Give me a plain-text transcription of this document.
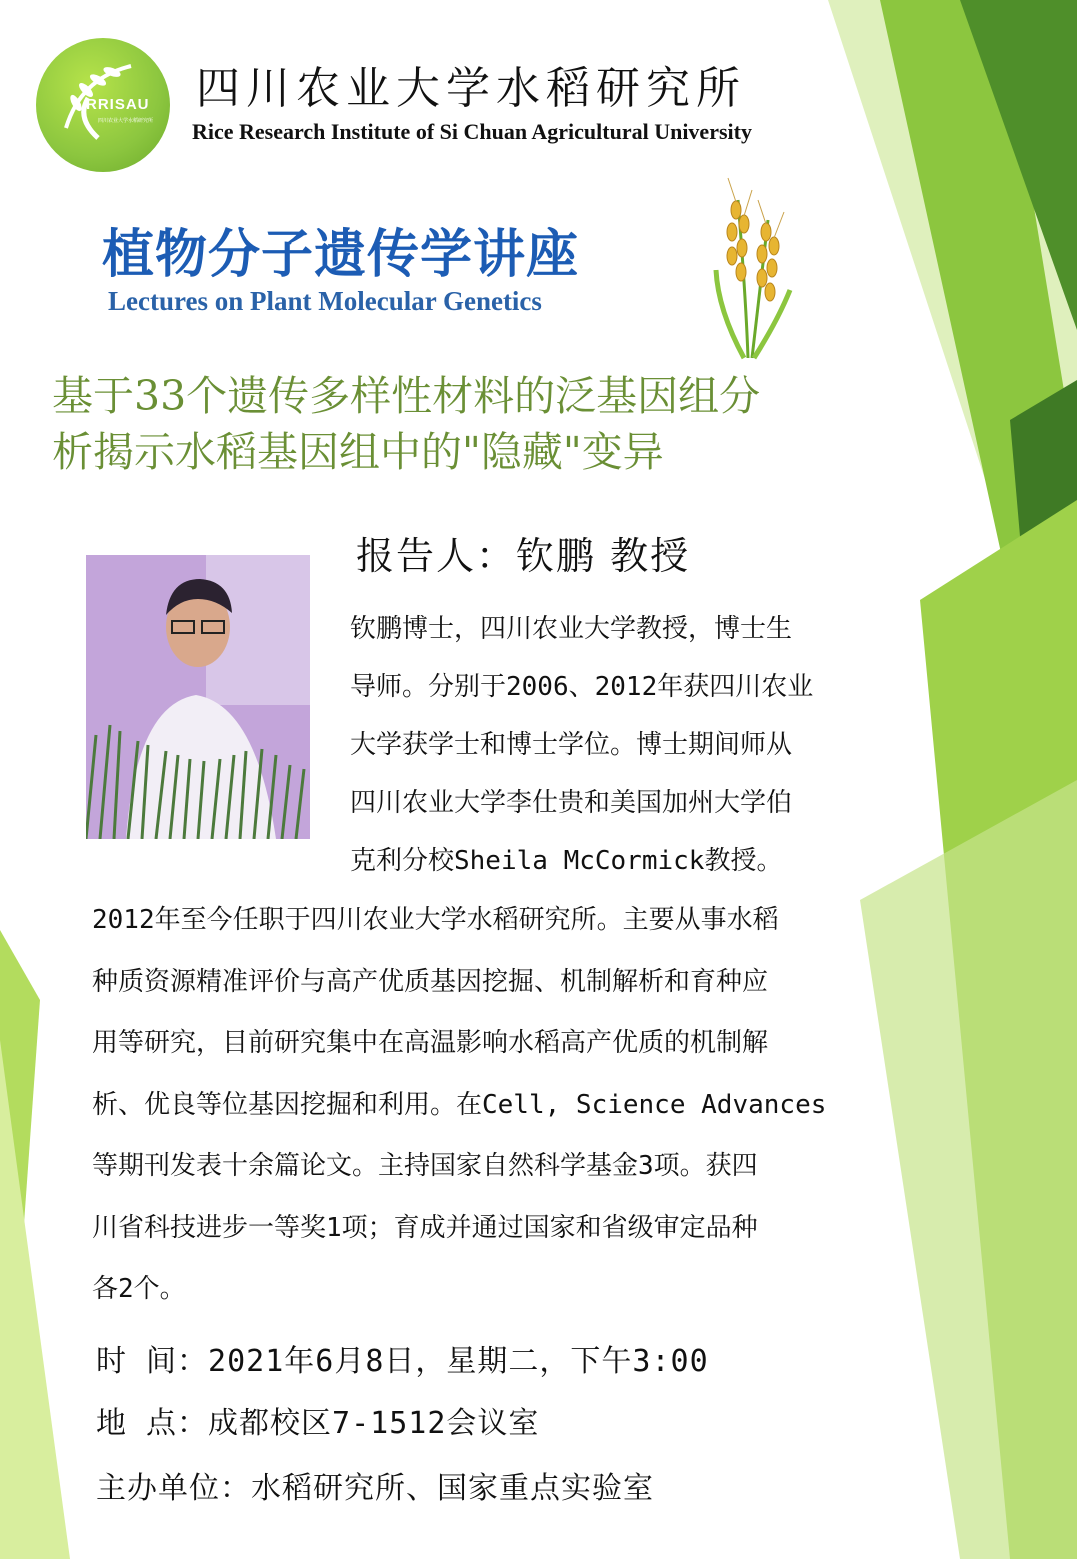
RRISAU
四川农业大学水稻研究所
四川农业大学水稻研究所
Rice Research Institute of Si Chuan Agricultural University
植物分子遗传学讲座
Lectures on Plant Molecular Genetics
基于33个遗传多样性材料的泛基因组分
析揭示水稻基因组中的"隐藏"变异
报告人：钦鹏 教授
钦鹏博士，四川农业大学教授，博士生
导师。分别于2006、2012年获四川农业
大学获学士和博士学位。博士期间师从
四川农业大学李仕贵和美国加州大学伯
克利分校Sheila McCormick教授。
2012年至今任职于四川农业大学水稻研究所。主要从事水稻
种质资源精准评价与高产优质基因挖掘、机制解析和育种应
用等研究，目前研究集中在高温影响水稻高产优质的机制解
析、优良等位基因挖掘和利用。在Cell, Science Advances
等期刊发表十余篇论文。主持国家自然科学基金3项。获四
川省科技进步一等奖1项；育成并通过国家和省级审定品种
各2个。
时 间：2021年6月8日，星期二，下午3:00
地 点：成都校区7-1512会议室
主办单位：水稻研究所、国家重点实验室
